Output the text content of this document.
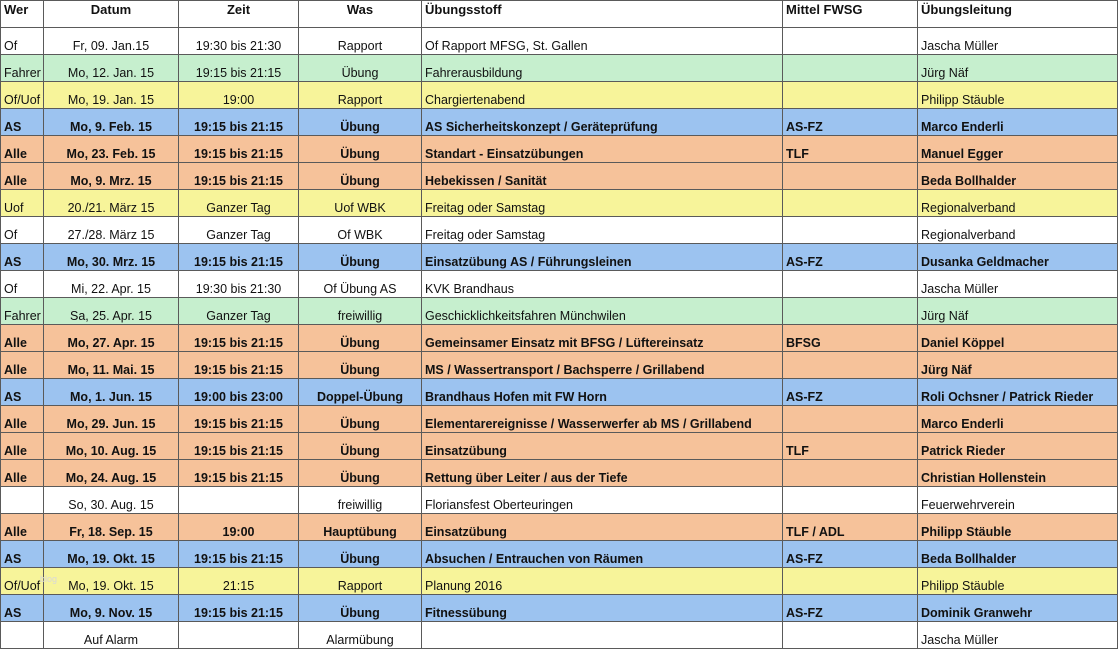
Wer	Datum	Zeit	Was	Übungsstoff	Mittel FWSG	Übungsleitung
Of	Fr, 09. Jan.15	19:30 bis 21:30	Rapport	Of Rapport MFSG, St. Gallen		Jascha Müller
Fahrer	Mo, 12. Jan. 15	19:15 bis 21:15	Übung	Fahrerausbildung		Jürg Näf
Of/Uof	Mo, 19. Jan. 15	19:00	Rapport	Chargiertenabend		Philipp Stäuble
AS	Mo, 9. Feb. 15	19:15 bis 21:15	Übung	AS Sicherheitskonzept / Geräteprüfung	AS-FZ	Marco Enderli
Alle	Mo, 23. Feb. 15	19:15 bis 21:15	Übung	Standart - Einsatzübungen	TLF	Manuel Egger
Alle	Mo, 9. Mrz. 15	19:15 bis 21:15	Übung	Hebekissen / Sanität		Beda Bollhalder
Uof	20./21. März 15	Ganzer Tag	Uof WBK	Freitag oder Samstag		Regionalverband
Of	27./28. März 15	Ganzer Tag	Of WBK	Freitag oder Samstag		Regionalverband
AS	Mo, 30. Mrz. 15	19:15 bis 21:15	Übung	Einsatzübung AS / Führungsleinen	AS-FZ	Dusanka Geldmacher
Of	Mi, 22. Apr. 15	19:30 bis 21:30	Of Übung AS	KVK Brandhaus		Jascha Müller
Fahrer	Sa, 25. Apr. 15	Ganzer Tag	freiwillig	Geschicklichkeitsfahren Münchwilen		Jürg Näf
Alle	Mo, 27. Apr. 15	19:15 bis 21:15	Übung	Gemeinsamer Einsatz mit BFSG / Lüftereinsatz	BFSG	Daniel Köppel
Alle	Mo, 11. Mai. 15	19:15 bis 21:15	Übung	MS / Wassertransport / Bachsperre / Grillabend		Jürg Näf
AS	Mo, 1. Jun. 15	19:00 bis 23:00	Doppel-Übung	Brandhaus Hofen mit FW Horn	AS-FZ	Roli Ochsner / Patrick Rieder
Alle	Mo, 29. Jun. 15	19:15 bis 21:15	Übung	Elementarereignisse / Wasserwerfer ab MS / Grillabend		Marco Enderli
Alle	Mo, 10. Aug. 15	19:15 bis 21:15	Übung	Einsatzübung	TLF	Patrick Rieder
Alle	Mo, 24. Aug. 15	19:15 bis 21:15	Übung	Rettung über Leiter / aus der Tiefe		Christian Hollenstein
	So, 30. Aug. 15		freiwillig	Floriansfest Oberteuringen		Feuerwehrverein
Alle	Fr, 18. Sep. 15	19:00	Hauptübung	Einsatzübung	TLF / ADL	Philipp Stäuble
AS	Mo, 19. Okt. 15	19:15 bis 21:15	Übung	Absuchen / Entrauchen von Räumen	AS-FZ	Beda Bollhalder
Of/Uof	Mo, 19. Okt. 15	21:15	Rapport	Planung 2016		Philipp Stäuble
AS	Mo, 9. Nov. 15	19:15 bis 21:15	Übung	Fitnessübung	AS-FZ	Dominik Granwehr
	Auf Alarm		Alarmübung			Jascha Müller
blog
